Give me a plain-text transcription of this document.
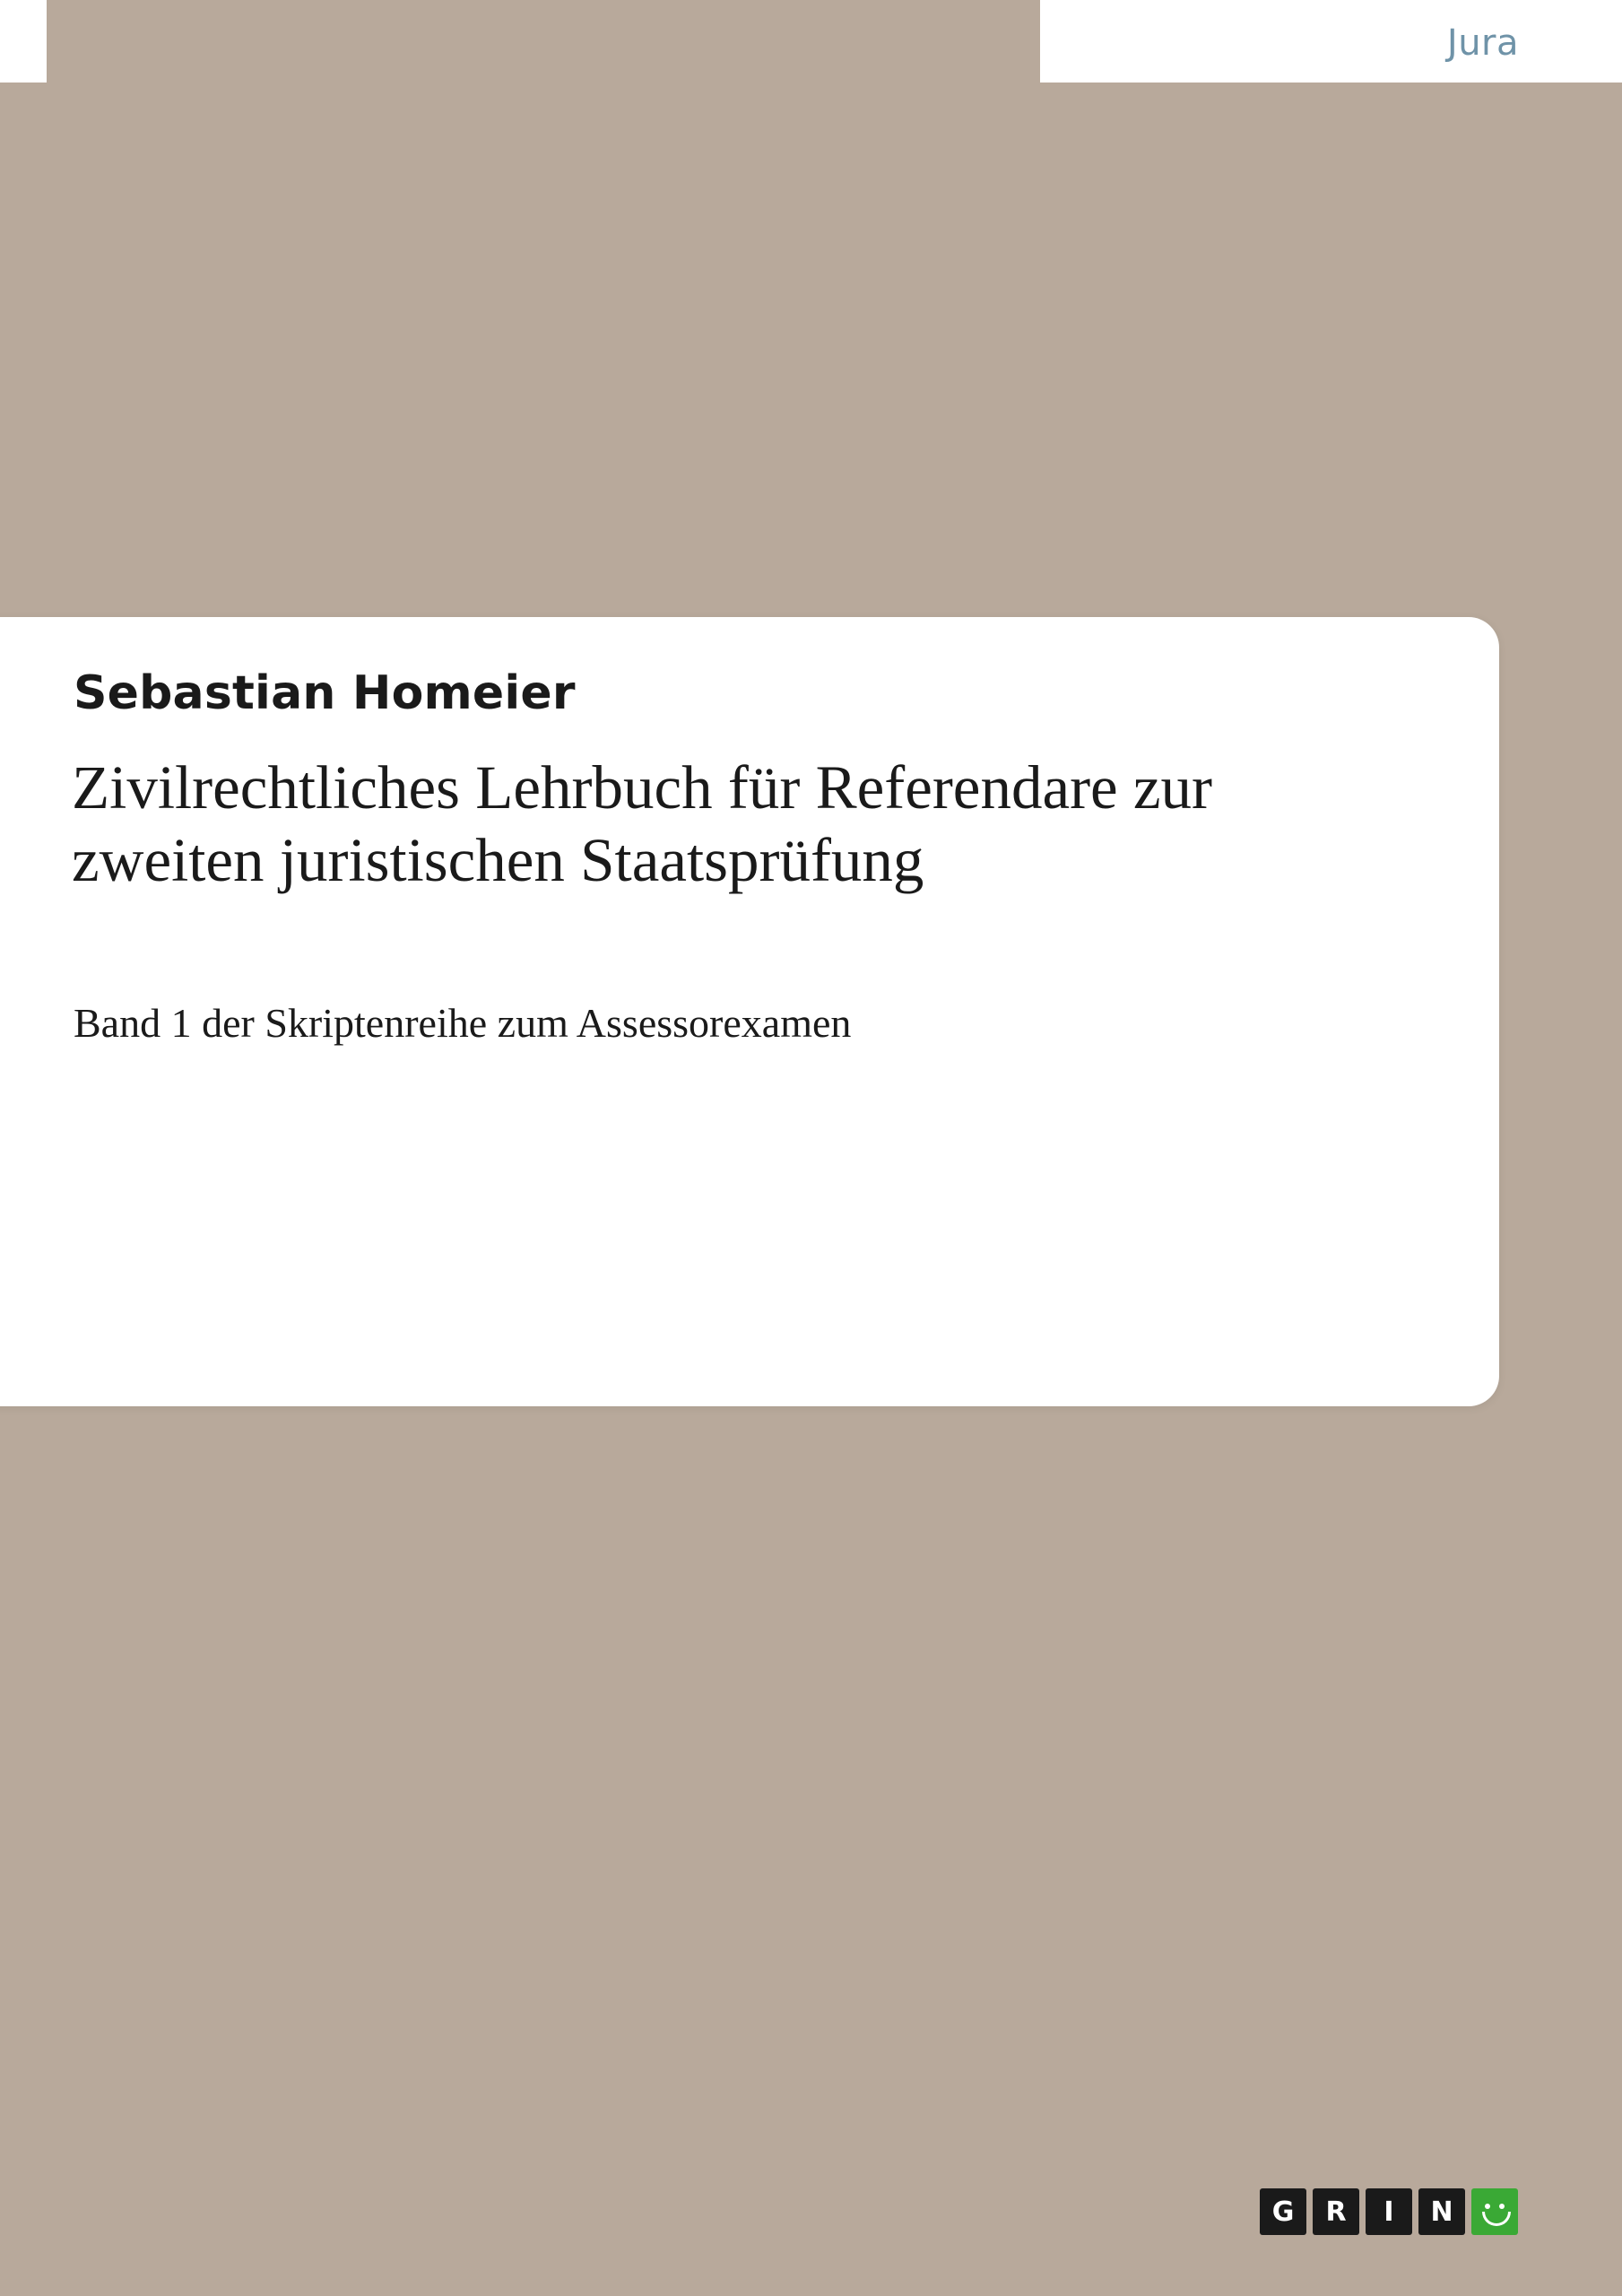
Jura
Sebastian Homeier
Zivilrechtliches Lehrbuch für Referendare zur zweiten juristischen Staatsprüfung
Band 1 der Skriptenreihe zum Assessorexamen
G	R	I	N
